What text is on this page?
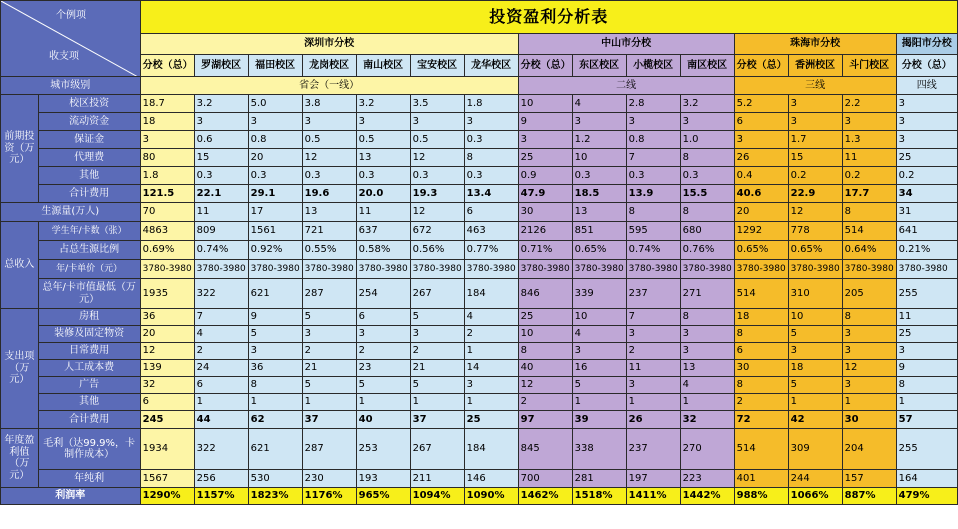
个例项
收支项		投资盈利分析表														
		深圳市分校							中山市分校				珠海市分校			揭阳市分校
		分校（总）	罗湖校区	福田校区	龙岗校区	南山校区	宝安校区	龙华校区	分校（总）	东区校区	小榄校区	南区校区	分校（总）	香洲校区	斗门校区	分校（总）
城市级别		省会（一线）							二线				三线			四线
前期投资（万元）	校区投资	18.7	3.2	5.0	3.8	3.2	3.5	1.8	10	4	2.8	3.2	5.2	3	2.2	3
	流动资金	18	3	3	3	3	3	3	9	3	3	3	6	3	3	3
	保证金	3	0.6	0.8	0.5	0.5	0.5	0.3	3	1.2	0.8	1.0	3	1.7	1.3	3
	代理费	80	15	20	12	13	12	8	25	10	7	8	26	15	11	25
	其他	1.8	0.3	0.3	0.3	0.3	0.3	0.3	0.9	0.3	0.3	0.3	0.4	0.2	0.2	0.2
	合计费用	121.5	22.1	29.1	19.6	20.0	19.3	13.4	47.9	18.5	13.9	15.5	40.6	22.9	17.7	34
生源量(万人)		70	11	17	13	11	12	6	30	13	8	8	20	12	8	31
总收入	学生年/卡数（张）	4863	809	1561	721	637	672	463	2126	851	595	680	1292	778	514	641
	占总生源比例	0.69%	0.74%	0.92%	0.55%	0.58%	0.56%	0.77%	0.71%	0.65%	0.74%	0.76%	0.65%	0.65%	0.64%	0.21%
	年/卡单价（元）	3780-3980	3780-3980	3780-3980	3780-3980	3780-3980	3780-3980	3780-3980	3780-3980	3780-3980	3780-3980	3780-3980	3780-3980	3780-3980	3780-3980	3780-3980
	总年/卡市值最低（万元）	1935	322	621	287	254	267	184	846	339	237	271	514	310	205	255
支出项（万元）	房租	36	7	9	5	6	5	4	25	10	7	8	18	10	8	11
	装修及固定物资	20	4	5	3	3	3	2	10	4	3	3	8	5	3	25
	日常费用	12	2	3	2	2	2	1	8	3	2	3	6	3	3	3
	人工成本费	139	24	36	21	23	21	14	40	16	11	13	30	18	12	9
	广告	32	6	8	5	5	5	3	12	5	3	4	8	5	3	8
	其他	6	1	1	1	1	1	1	2	1	1	1	2	1	1	1
	合计费用	245	44	62	37	40	37	25	97	39	26	32	72	42	30	57
年度盈利值（万元）	毛利（达99.9%，卡制作成本）	1934	322	621	287	253	267	184	845	338	237	270	514	309	204	255
	年纯利	1567	256	530	230	193	211	146	700	281	197	223	401	244	157	164
利润率		1290%	1157%	1823%	1176%	965%	1094%	1090%	1462%	1518%	1411%	1442%	988%	1066%	887%	479%
